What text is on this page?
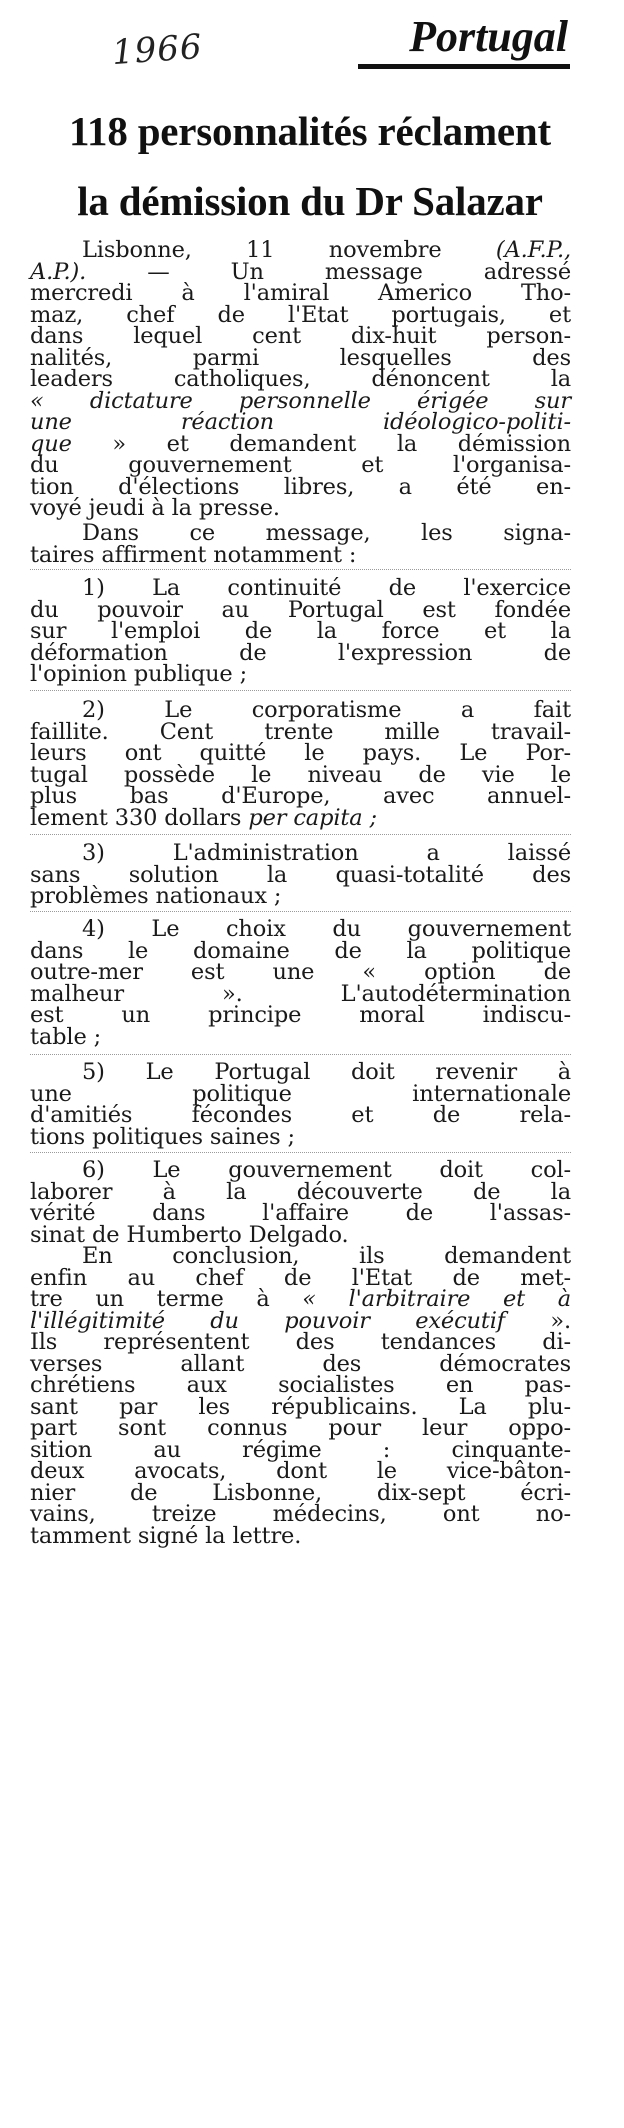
1966	Portugal
118 personnalités réclament
la démission du Dr Salazar
Lisbonne, 11 novembre (A.F.P.,
A.P.).	— Un message adressé
mercredi à l'amiral Americo Tho-
maz, chef de l'Etat portugais, et
dans lequel cent dix-huit person-
nalités, parmi lesquelles des
leaders catholiques, dénoncent la
« dictature personnelle érigée sur
une réaction idéologico-politi-
que » et demandent la démission
du gouvernement et l'organisa-
tion d'élections libres, a été en-
voyé jeudi à la presse.
Dans ce message, les signa-
taires affirment notamment :
1) La continuité de l'exercice
du pouvoir au Portugal est fondée
sur l'emploi de la force et la
déformation de l'expression de
l'opinion publique ;
2) Le corporatisme a fait
faillite. Cent trente mille travail-
leurs ont quitté le pays. Le Por-
tugal possède le niveau de vie le
plus bas d'Europe, avec annuel-
lement 330 dollars per capita ;
3) L'administration a laissé
sans solution la quasi-totalité des
problèmes nationaux ;
4) Le choix du gouvernement
dans le domaine de la politique
outre-mer est une « option de
malheur ». L'autodétermination
est un principe moral indiscu-
table ;
5) Le Portugal doit revenir à
une politique internationale
d'amitiés fécondes et de rela-
tions politiques saines ;
6) Le gouvernement doit col-
laborer à la découverte de la
vérité dans l'affaire de l'assas-
sinat de Humberto Delgado.
En conclusion, ils demandent
enfin au chef de l'Etat de met-
tre un terme à « l'arbitraire et à
l'illégitimité du pouvoir exécutif ».
Ils représentent des tendances di-
verses allant des démocrates
chrétiens aux socialistes en pas-
sant par les républicains. La plu-
part sont connus pour leur oppo-
sition au régime : cinquante-
deux avocats, dont le vice-bâton-
nier de Lisbonne, dix-sept écri-
vains, treize médecins, ont no-
tamment signé la lettre.
